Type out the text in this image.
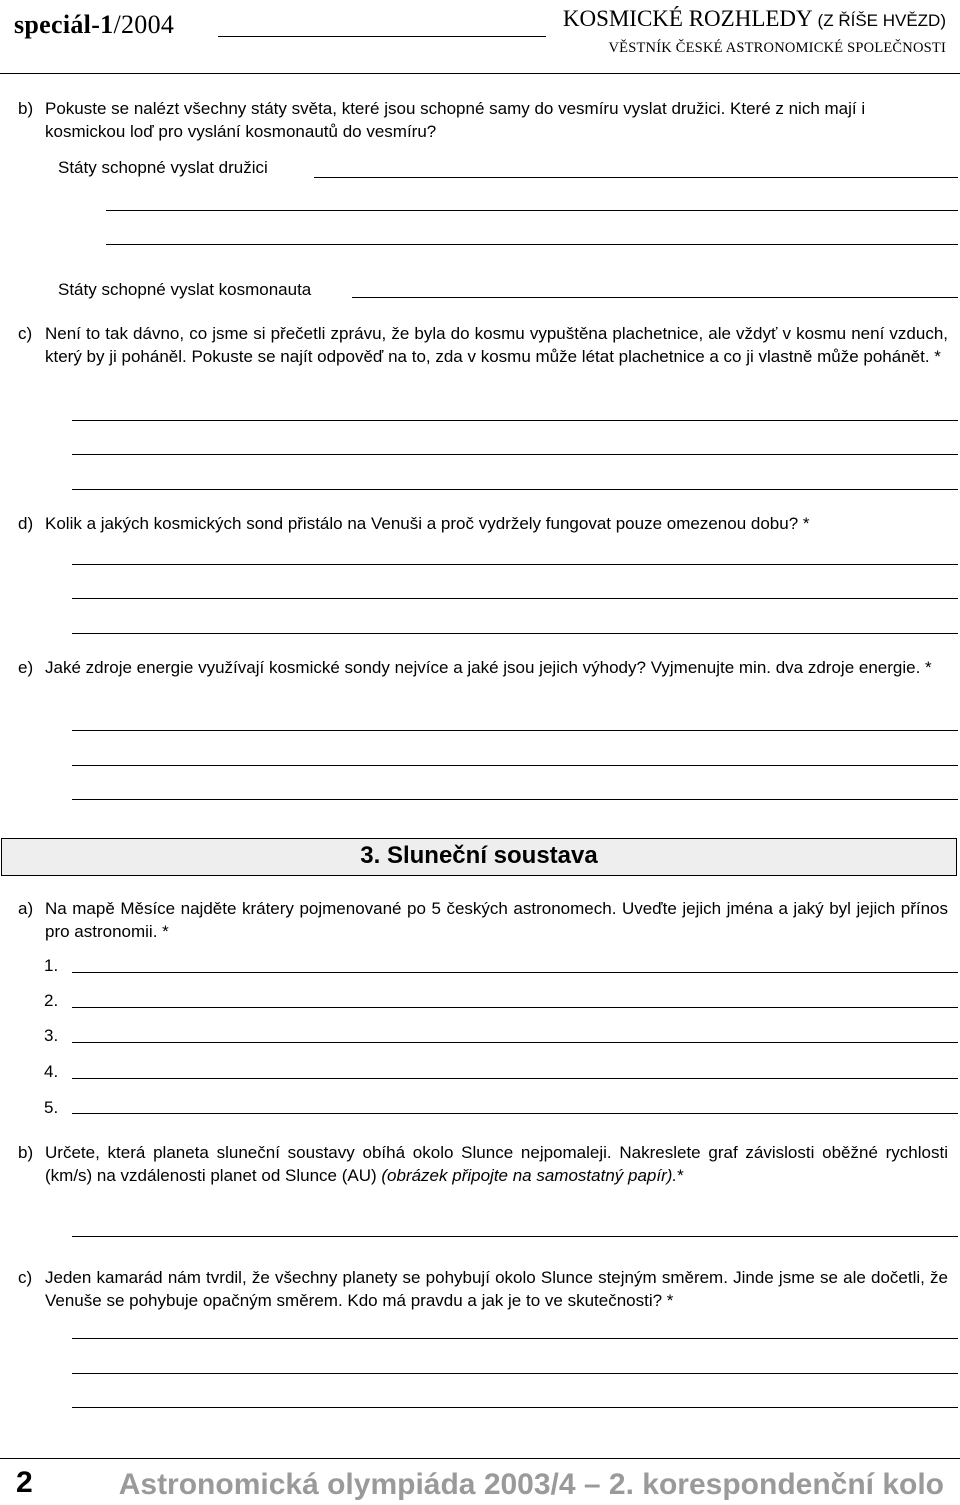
speciál-1/2004	KOSMICKÉ ROZHLEDY (Z ŘÍŠE HVĚZD)
VĚSTNÍK ČESKÉ ASTRONOMICKÉ SPOLEČNOSTI
b) Pokuste se nalézt všechny státy světa, které jsou schopné samy do vesmíru vyslat družici. Které z nich mají i kosmickou loď pro vyslání kosmonautů do vesmíru?
Státy schopné vyslat družici
Státy schopné vyslat kosmonauta
c) Není to tak dávno, co jsme si přečetli zprávu, že byla do kosmu vypuštěna plachetnice, ale vždyť v kosmu není vzduch, který by ji poháněl. Pokuste se najít odpověď na to, zda v kosmu může létat plachetnice a co ji vlastně může pohánět. *
d) Kolik a jakých kosmických sond přistálo na Venuši a proč vydržely fungovat pouze omezenou dobu? *
e) Jaké zdroje energie využívají kosmické sondy nejvíce a jaké jsou jejich výhody? Vyjmenujte min. dva zdroje energie. *
3. Sluneční soustava
a) Na mapě Měsíce najděte krátery pojmenované po 5 českých astronomech. Uveďte jejich jména a jaký byl jejich přínos pro astronomii. *
1.
2.
3.
4.
5.
b) Určete, která planeta sluneční soustavy obíhá okolo Slunce nejpomaleji. Nakreslete graf závislosti oběžné rychlosti (km/s) na vzdálenosti planet od Slunce (AU) (obrázek připojte na samostatný papír).*
c) Jeden kamarád nám tvrdil, že všechny planety se pohybují okolo Slunce stejným směrem. Jinde jsme se ale dočetli, že Venuše se pohybuje opačným směrem. Kdo má pravdu a jak je to ve skutečnosti? *
2	Astronomická olympiáda 2003/4 – 2. korespondenční kolo
